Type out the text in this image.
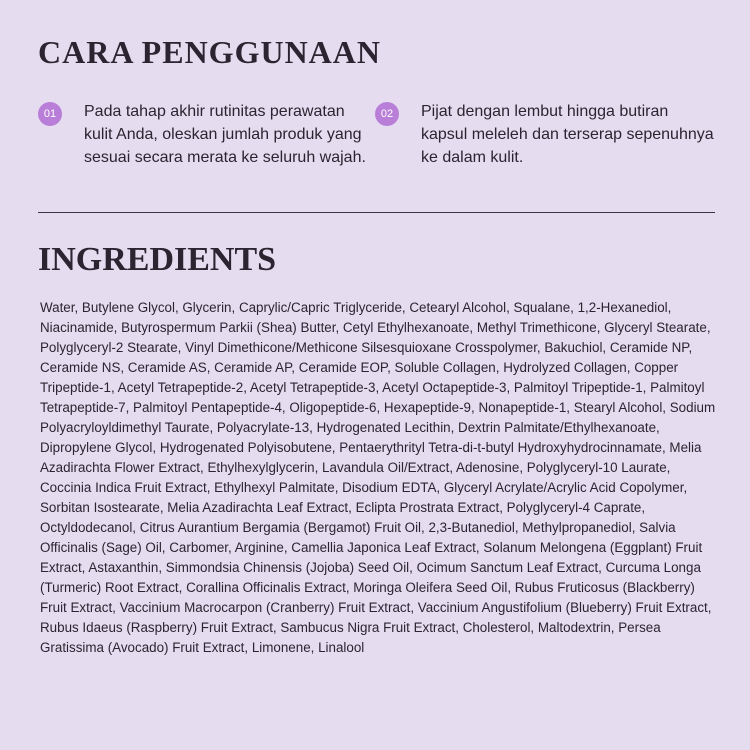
CARA PENGGUNAAN
01	Pada tahap akhir rutinitas perawatan kulit Anda, oleskan jumlah produk yang sesuai secara merata ke seluruh wajah.

02	Pijat dengan lembut hingga butiran kapsul meleleh dan terserap sepenuhnya ke dalam kulit.

INGREDIENTS

Water, Butylene Glycol, Glycerin, Caprylic/Capric Triglyceride, Cetearyl Alcohol, Squalane, 1,2-Hexanediol, Niacinamide, Butyrospermum Parkii (Shea) Butter, Cetyl Ethylhexanoate, Methyl Trimethicone, Glyceryl Stearate, Polyglyceryl-2 Stearate, Vinyl Dimethicone/Methicone Silsesquioxane Crosspolymer, Bakuchiol, Ceramide NP, Ceramide NS, Ceramide AS, Ceramide AP, Ceramide EOP, Soluble Collagen, Hydrolyzed Collagen, Copper Tripeptide-1, Acetyl Tetrapeptide-2, Acetyl Tetrapeptide-3, Acetyl Octapeptide-3, Palmitoyl Tripeptide-1, Palmitoyl Tetrapeptide-7, Palmitoyl Pentapeptide-4, Oligopeptide-6, Hexapeptide-9, Nonapeptide-1, Stearyl Alcohol, Sodium Polyacryloyldimethyl Taurate, Polyacrylate-13, Hydrogenated Lecithin, Dextrin Palmitate/Ethylhexanoate, Dipropylene Glycol, Hydrogenated Polyisobutene, Pentaerythrityl Tetra-di-t-butyl Hydroxyhydrocinnamate, Melia Azadirachta Flower Extract, Ethylhexylglycerin, Lavandula Oil/Extract, Adenosine, Polyglyceryl-10 Laurate, Coccinia Indica Fruit Extract, Ethylhexyl Palmitate, Disodium EDTA, Glyceryl Acrylate/Acrylic Acid Copolymer, Sorbitan Isostearate, Melia Azadirachta Leaf Extract, Eclipta Prostrata Extract, Polyglyceryl-4 Caprate, Octyldodecanol, Citrus Aurantium Bergamia (Bergamot) Fruit Oil, 2,3-Butanediol, Methylpropanediol, Salvia Officinalis (Sage) Oil, Carbomer, Arginine, Camellia Japonica Leaf Extract, Solanum Melongena (Eggplant) Fruit Extract, Astaxanthin, Simmondsia Chinensis (Jojoba) Seed Oil, Ocimum Sanctum Leaf Extract, Curcuma Longa (Turmeric) Root Extract, Corallina Officinalis Extract, Moringa Oleifera Seed Oil, Rubus Fruticosus (Blackberry) Fruit Extract, Vaccinium Macrocarpon (Cranberry) Fruit Extract, Vaccinium Angustifolium (Blueberry) Fruit Extract, Rubus Idaeus (Raspberry) Fruit Extract, Sambucus Nigra Fruit Extract, Cholesterol, Maltodextrin, Persea Gratissima (Avocado) Fruit Extract, Limonene, Linalool
